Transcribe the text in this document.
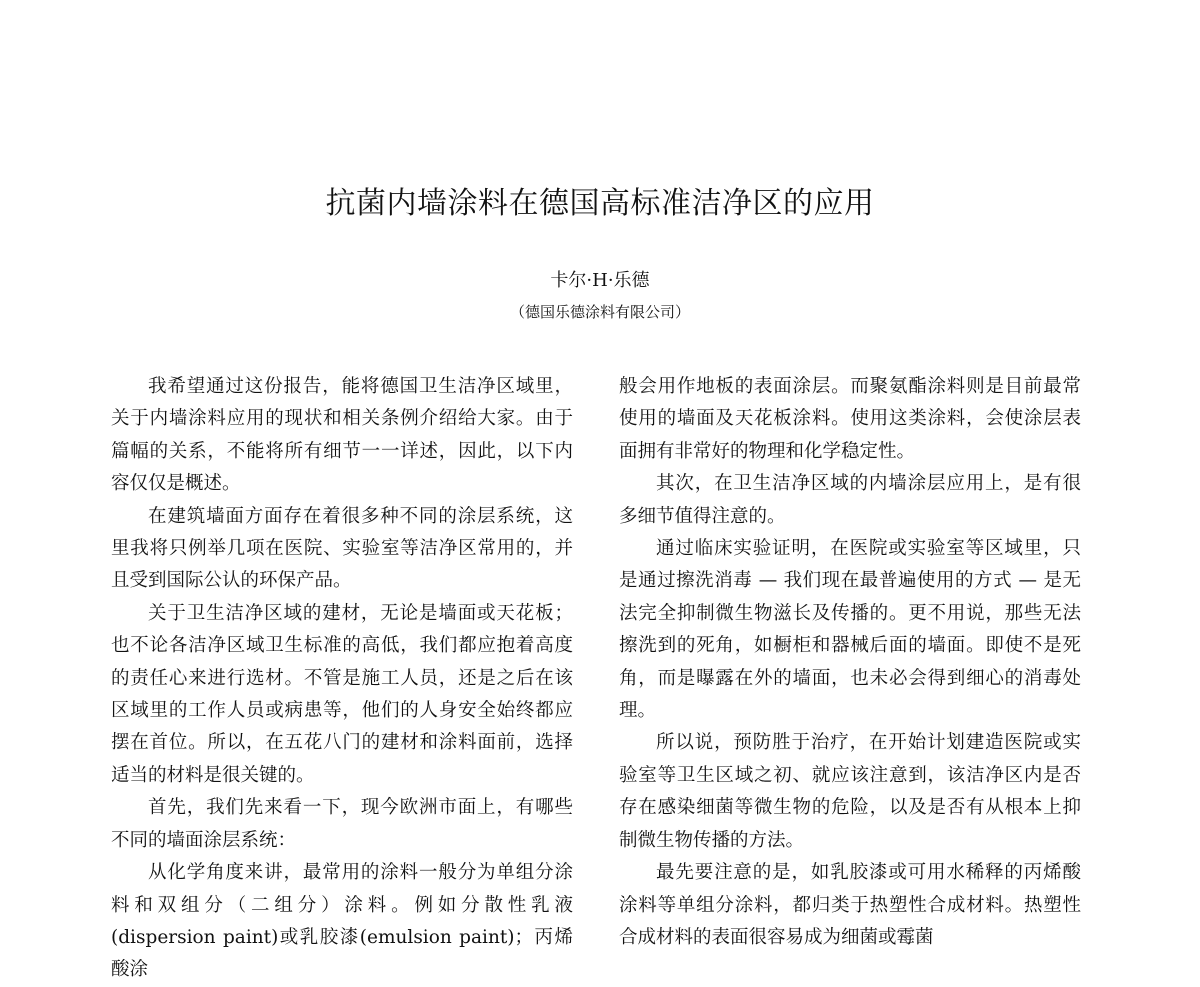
抗菌内墙涂料在德国高标准洁净区的应用
卡尔·H·乐德
（德国乐德涂料有限公司）

我希望通过这份报告，能将德国卫生洁净区域里，关于内墙涂料应用的现状和相关条例介绍给大家。由于篇幅的关系，不能将所有细节一一详述，因此，以下内容仅仅是概述。

在建筑墙面方面存在着很多种不同的涂层系统，这里我将只例举几项在医院、实验室等洁净区常用的，并且受到国际公认的环保产品。

关于卫生洁净区域的建材，无论是墙面或天花板；也不论各洁净区域卫生标准的高低，我们都应抱着高度的责任心来进行选材。不管是施工人员，还是之后在该区域里的工作人员或病患等，他们的人身安全始终都应摆在首位。所以，在五花八门的建材和涂料面前，选择适当的材料是很关键的。

首先，我们先来看一下，现今欧洲市面上，有哪些不同的墙面涂层系统：

从化学角度来讲，最常用的涂料一般分为单组分涂料和双组分（二组分）涂料。例如分散性乳液(dispersion paint)或乳胶漆(emulsion paint)；丙烯酸涂

般会用作地板的表面涂层。而聚氨酯涂料则是目前最常使用的墙面及天花板涂料。使用这类涂料，会使涂层表面拥有非常好的物理和化学稳定性。

其次，在卫生洁净区域的内墙涂层应用上，是有很多细节值得注意的。

通过临床实验证明，在医院或实验室等区域里，只是通过擦洗消毒 — 我们现在最普遍使用的方式 — 是无法完全抑制微生物滋长及传播的。更不用说，那些无法擦洗到的死角，如橱柜和器械后面的墙面。即使不是死角，而是曝露在外的墙面，也未必会得到细心的消毒处理。

所以说，预防胜于治疗，在开始计划建造医院或实验室等卫生区域之初、就应该注意到，该洁净区内是否存在感染细菌等微生物的危险，以及是否有从根本上抑制微生物传播的方法。

最先要注意的是，如乳胶漆或可用水稀释的丙烯酸涂料等单组分涂料，都归类于热塑性合成材料。热塑性合成材料的表面很容易成为细菌或霉菌
